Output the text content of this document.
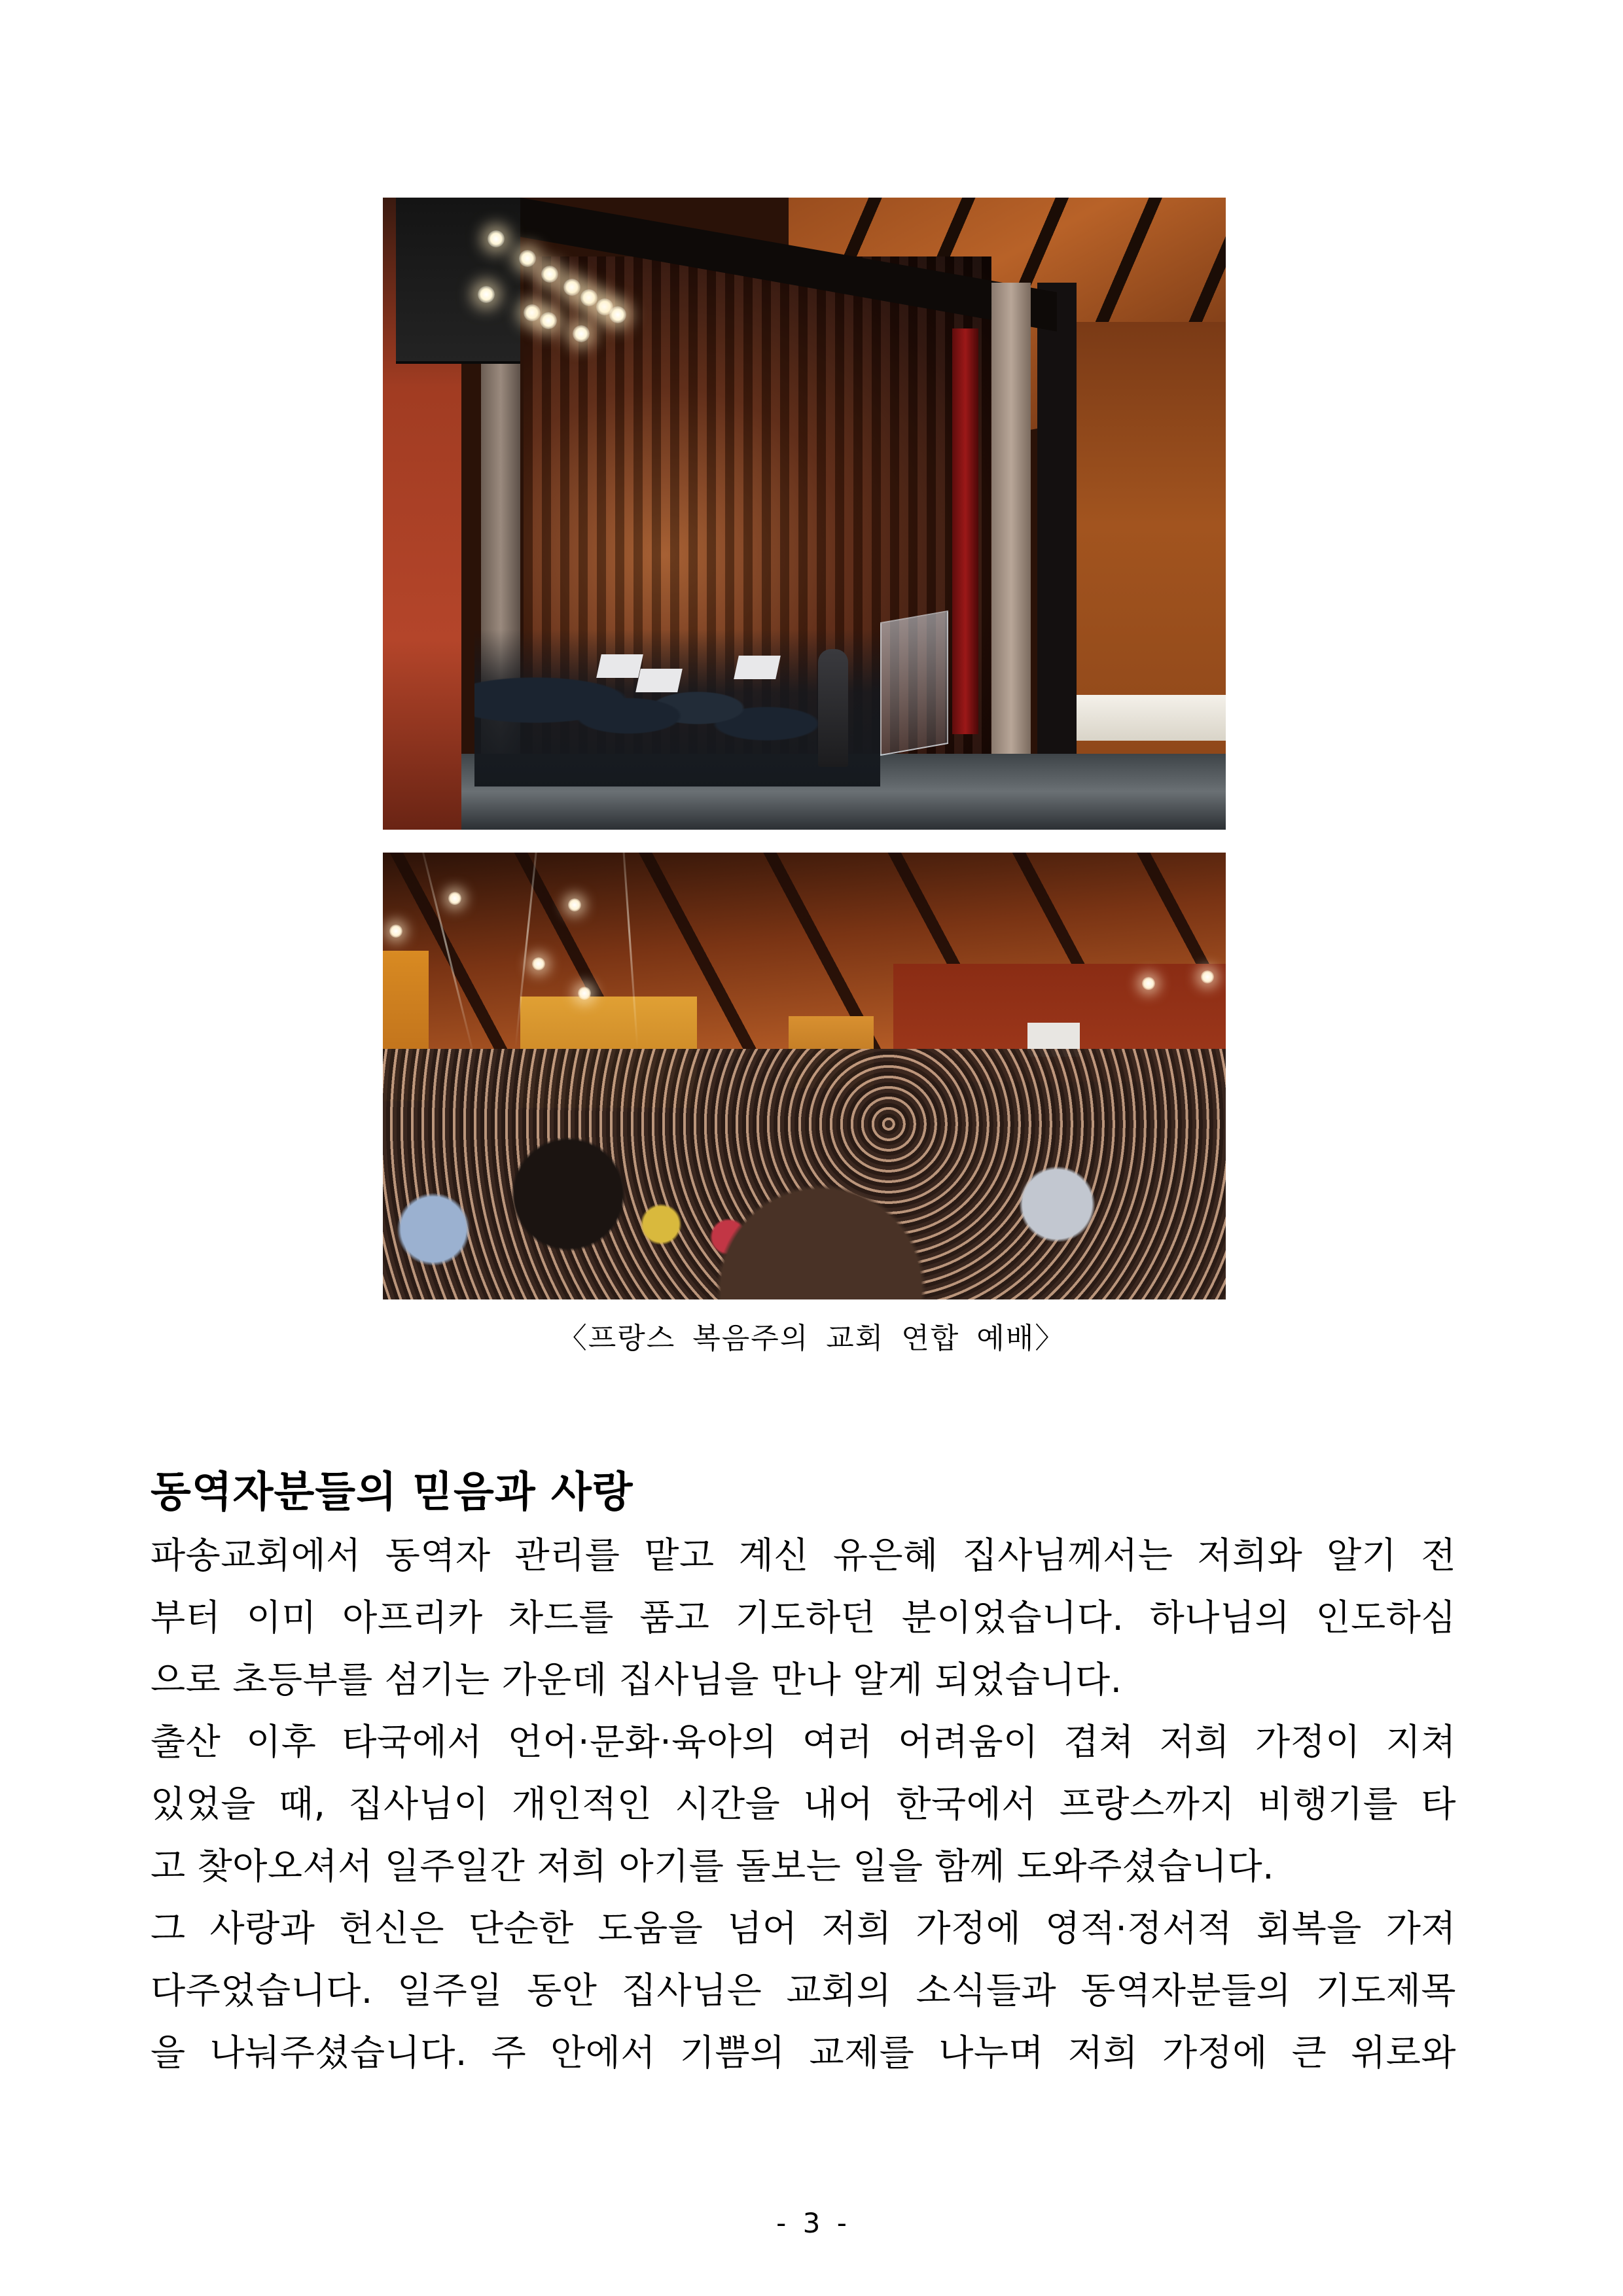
〈프랑스 복음주의 교회 연합 예배〉
동역자분들의 믿음과 사랑
파송교회에서 동역자 관리를 맡고 계신 유은혜 집사님께서는 저희와 알기 전
부터 이미 아프리카 차드를 품고 기도하던 분이었습니다. 하나님의 인도하심
으로 초등부를 섬기는 가운데 집사님을 만나 알게 되었습니다.
출산 이후 타국에서 언어·문화·육아의 여러 어려움이 겹쳐 저희 가정이 지쳐
있었을 때, 집사님이 개인적인 시간을 내어 한국에서 프랑스까지 비행기를 타
고 찾아오셔서 일주일간 저희 아기를 돌보는 일을 함께 도와주셨습니다.
그 사랑과 헌신은 단순한 도움을 넘어 저희 가정에 영적·정서적 회복을 가져
다주었습니다. 일주일 동안 집사님은 교회의 소식들과 동역자분들의 기도제목
을 나눠주셨습니다. 주 안에서 기쁨의 교제를 나누며 저희 가정에 큰 위로와
- 3 -
